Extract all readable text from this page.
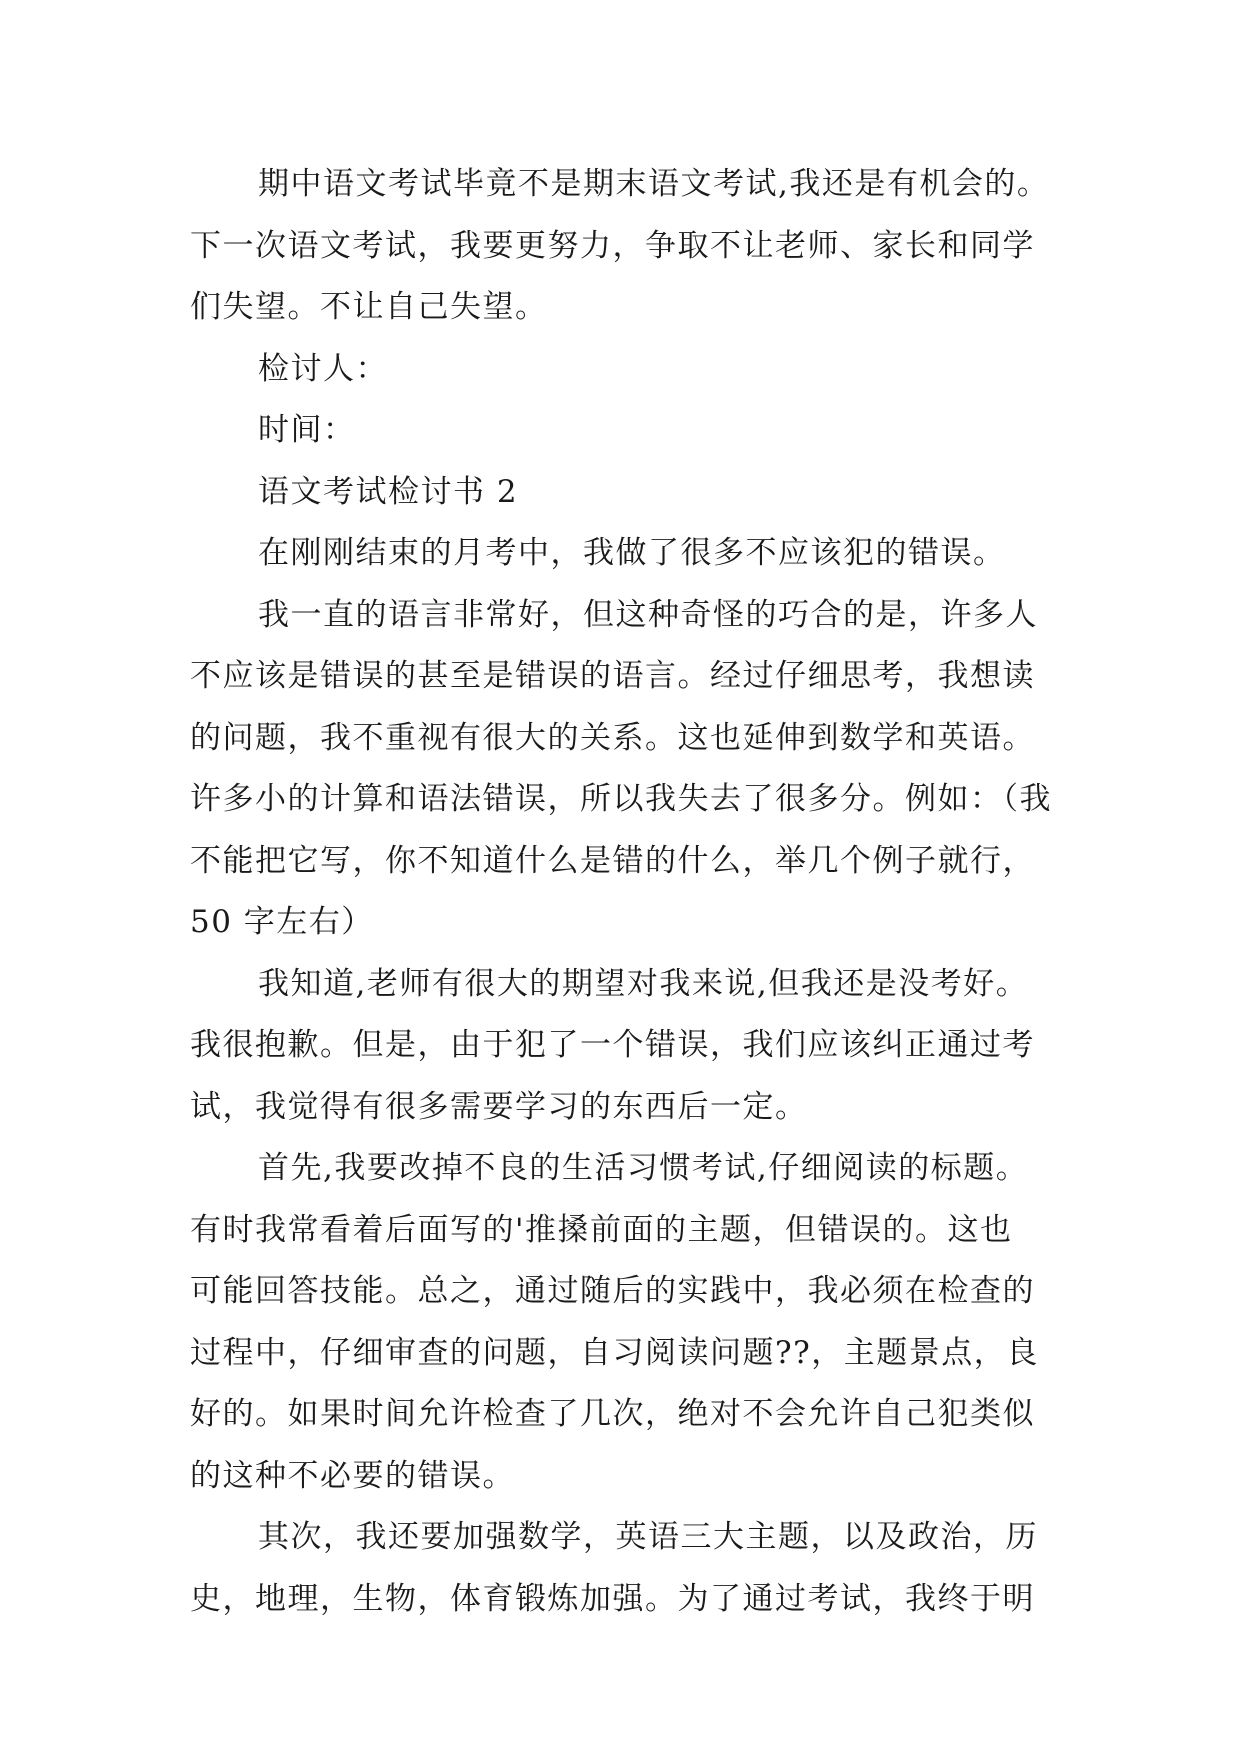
期中语文考试毕竟不是期末语文考试,我还是有机会的。
下一次语文考试，我要更努力，争取不让老师、家长和同学
们失望。不让自己失望。
检讨人：
时间：
语文考试检讨书 2
在刚刚结束的月考中，我做了很多不应该犯的错误。
我一直的语言非常好，但这种奇怪的巧合的是，许多人
不应该是错误的甚至是错误的语言。经过仔细思考，我想读
的问题，我不重视有很大的关系。这也延伸到数学和英语。
许多小的计算和语法错误，所以我失去了很多分。例如：（我
不能把它写，你不知道什么是错的什么，举几个例子就行，
50 字左右）
我知道,老师有很大的期望对我来说,但我还是没考好。
我很抱歉。但是，由于犯了一个错误，我们应该纠正通过考
试，我觉得有很多需要学习的东西后一定。
首先,我要改掉不良的生活习惯考试,仔细阅读的标题。
有时我常看着后面写的'推搡前面的主题，但错误的。这也
可能回答技能。总之，通过随后的实践中，我必须在检查的
过程中，仔细审查的问题，自习阅读问题??，主题景点，良
好的。如果时间允许检查了几次，绝对不会允许自己犯类似
的这种不必要的错误。
其次，我还要加强数学，英语三大主题，以及政治，历
史，地理，生物，体育锻炼加强。为了通过考试，我终于明
